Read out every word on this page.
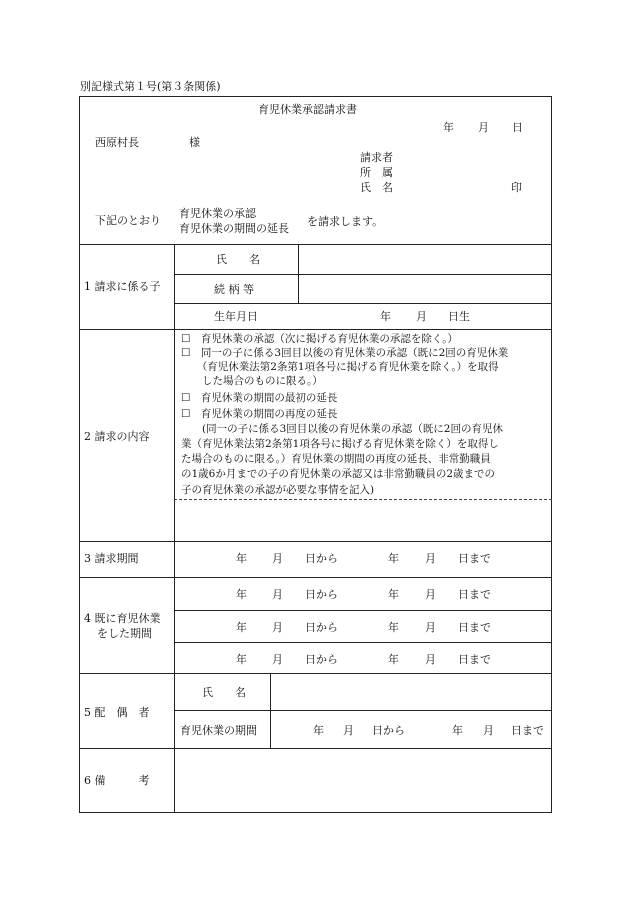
別記様式第１号(第３条関係)
育児休業承認請求書
年 月 日
西原村長	様
請求者
所　属
氏　名	印
下記のとおり
育児休業の承認
育児休業の期間の延長
を請求します。
1 請求に係る子
氏　　名
続 柄 等
生年月日	年 月 日生
2 請求の内容
☐　育児休業の承認（次に掲げる育児休業の承認を除く。）
☐　同一の子に係る3回目以後の育児休業の承認（既に2回の育児休業
　　（育児休業法第2条第1項各号に掲げる育児休業を除く。）を取得
　　した場合のものに限る。）
☐　育児休業の期間の最初の延長
☐　育児休業の期間の再度の延長
　　(同一の子に係る3回目以後の育児休業の承認（既に2回の育児休
業（育児休業法第2条第1項各号に掲げる育児休業を除く）を取得し
た場合のものに限る。）育児休業の期間の再度の延長、非常勤職員
の1歳6か月までの子の育児休業の承認又は非常勤職員の2歳までの
子の育児休業の承認が必要な事情を記入)
3 請求期間	年 月 日から	年 月 日まで
4 既に育児休業
をした期間
年 月 日から	年 月 日まで
年 月 日から	年 月 日まで
年 月 日から	年 月 日まで
5 配　偶　者
氏　　名
育児休業の期間	年 月 日から	年 月 日まで
6 備　　　考
